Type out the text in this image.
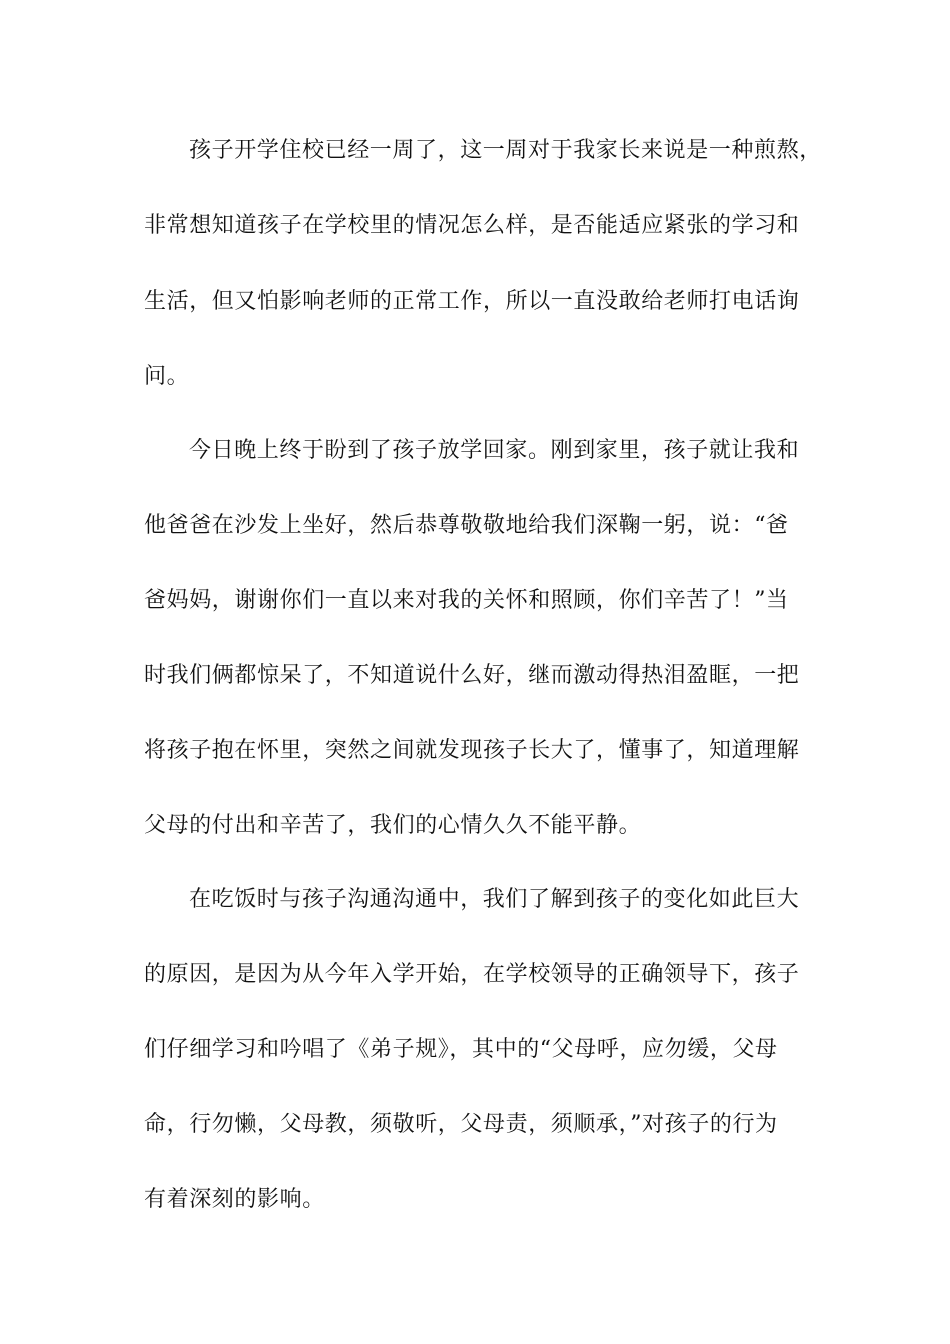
孩子开学住校已经一周了，这一周对于我家长来说是一种煎熬，
非常想知道孩子在学校里的情况怎么样，是否能适应紧张的学习和
生活，但又怕影响老师的正常工作，所以一直没敢给老师打电话询
问。
今日晚上终于盼到了孩子放学回家。刚到家里，孩子就让我和
他爸爸在沙发上坐好，然后恭尊敬敬地给我们深鞠一躬，说：“爸
爸妈妈，谢谢你们一直以来对我的关怀和照顾，你们辛苦了！”当
时我们俩都惊呆了，不知道说什么好，继而激动得热泪盈眶，一把
将孩子抱在怀里，突然之间就发现孩子长大了，懂事了，知道理解
父母的付出和辛苦了，我们的心情久久不能平静。
在吃饭时与孩子沟通沟通中，我们了解到孩子的变化如此巨大
的原因，是因为从今年入学开始，在学校领导的正确领导下，孩子
们仔细学习和吟唱了《弟子规》，其中的“父母呼，应勿缓，父母
命，行勿懒，父母教，须敬听，父母责，须顺承，”对孩子的行为
有着深刻的影响。
